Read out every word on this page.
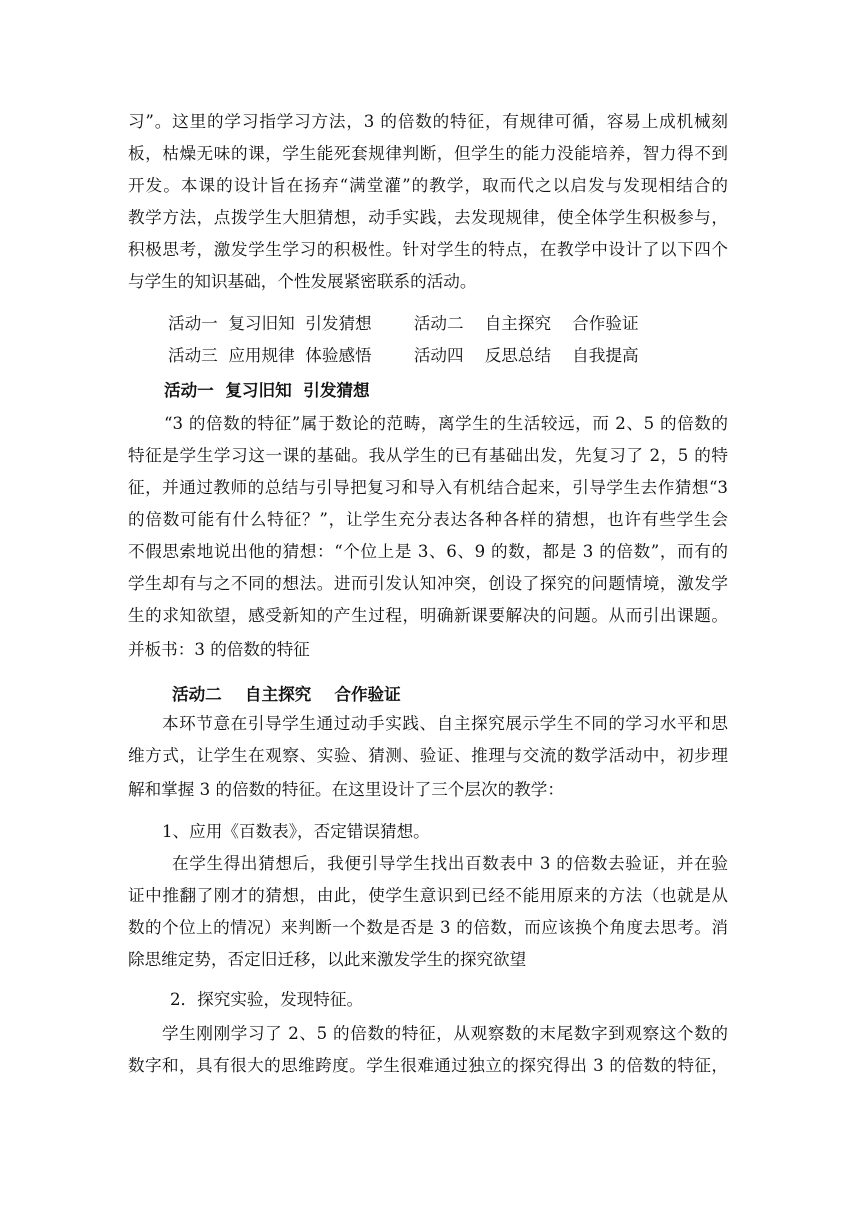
习”。这里的学习指学习方法，3 的倍数的特征，有规律可循，容易上成机械刻
板，枯燥无味的课，学生能死套规律判断，但学生的能力没能培养，智力得不到
开发。本课的设计旨在扬弃“满堂灌”的教学，取而代之以启发与发现相结合的
教学方法，点拨学生大胆猜想，动手实践，去发现规律，使全体学生积极参与，
积极思考，激发学生学习的积极性。针对学生的特点，在教学中设计了以下四个
与学生的知识基础，个性发展紧密联系的活动。
活动一  复习旧知  引发猜想        活动二    自主探究    合作验证
活动三  应用规律  体验感悟        活动四    反思总结    自我提高
活动一  复习旧知  引发猜想
“3 的倍数的特征”属于数论的范畴，离学生的生活较远，而 2、5 的倍数的
特征是学生学习这一课的基础。我从学生的已有基础出发，先复习了 2，5 的特
征，并通过教师的总结与引导把复习和导入有机结合起来，引导学生去作猜想“3
的倍数可能有什么特征？”，让学生充分表达各种各样的猜想，也许有些学生会
不假思索地说出他的猜想：“个位上是 3、6、9 的数，都是 3 的倍数”，而有的
学生却有与之不同的想法。进而引发认知冲突，创设了探究的问题情境，激发学
生的求知欲望，感受新知的产生过程，明确新课要解决的问题。从而引出课题。
并板书：3 的倍数的特征
活动二    自主探究    合作验证
本环节意在引导学生通过动手实践、自主探究展示学生不同的学习水平和思
维方式，让学生在观察、实验、猜测、验证、推理与交流的数学活动中，初步理
解和掌握 3 的倍数的特征。在这里设计了三个层次的教学：
1、应用《百数表》，否定错误猜想。
在学生得出猜想后，我便引导学生找出百数表中 3 的倍数去验证，并在验
证中推翻了刚才的猜想，由此，使学生意识到已经不能用原来的方法（也就是从
数的个位上的情况）来判断一个数是否是 3 的倍数，而应该换个角度去思考。消
除思维定势，否定旧迁移，以此来激发学生的探究欲望
2．探究实验，发现特征。
学生刚刚学习了 2、5 的倍数的特征，从观察数的末尾数字到观察这个数的
数字和，具有很大的思维跨度。学生很难通过独立的探究得出 3 的倍数的特征，
